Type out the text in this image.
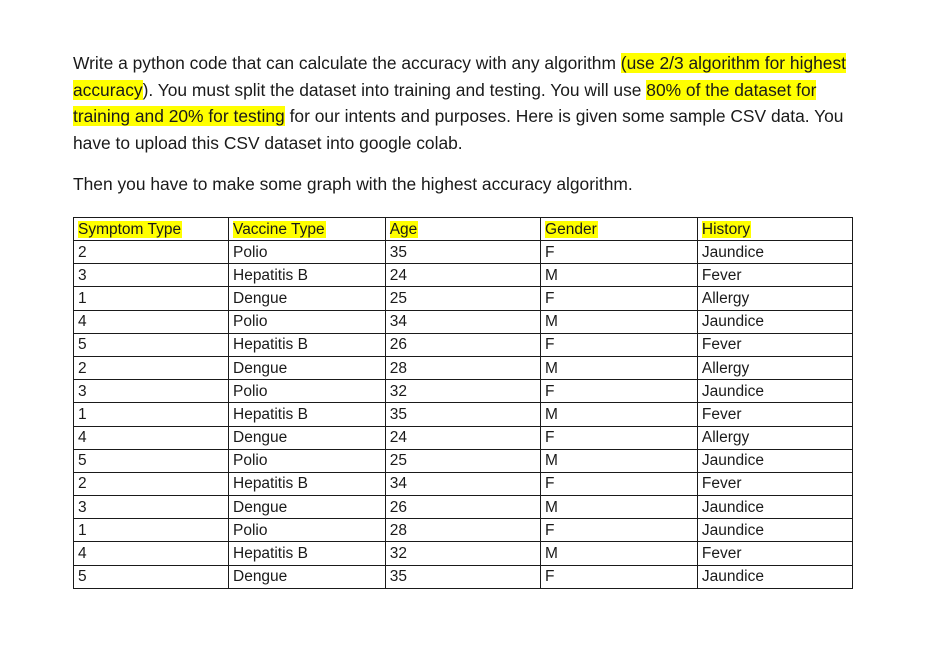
Write a python code that can calculate the accuracy with any algorithm (use 2/3 algorithm for highest accuracy). You must split the dataset into training and testing. You will use 80% of the dataset for training and 20% for testing for our intents and purposes. Here is given some sample CSV data. You have to upload this CSV dataset into google colab.

Then you have to make some graph with the highest accuracy algorithm.

Symptom Type	Vaccine Type	Age	Gender	History
2	Polio	35	F	Jaundice
3	Hepatitis B	24	M	Fever
1	Dengue	25	F	Allergy
4	Polio	34	M	Jaundice
5	Hepatitis B	26	F	Fever
2	Dengue	28	M	Allergy
3	Polio	32	F	Jaundice
1	Hepatitis B	35	M	Fever
4	Dengue	24	F	Allergy
5	Polio	25	M	Jaundice
2	Hepatitis B	34	F	Fever
3	Dengue	26	M	Jaundice
1	Polio	28	F	Jaundice
4	Hepatitis B	32	M	Fever
5	Dengue	35	F	Jaundice
